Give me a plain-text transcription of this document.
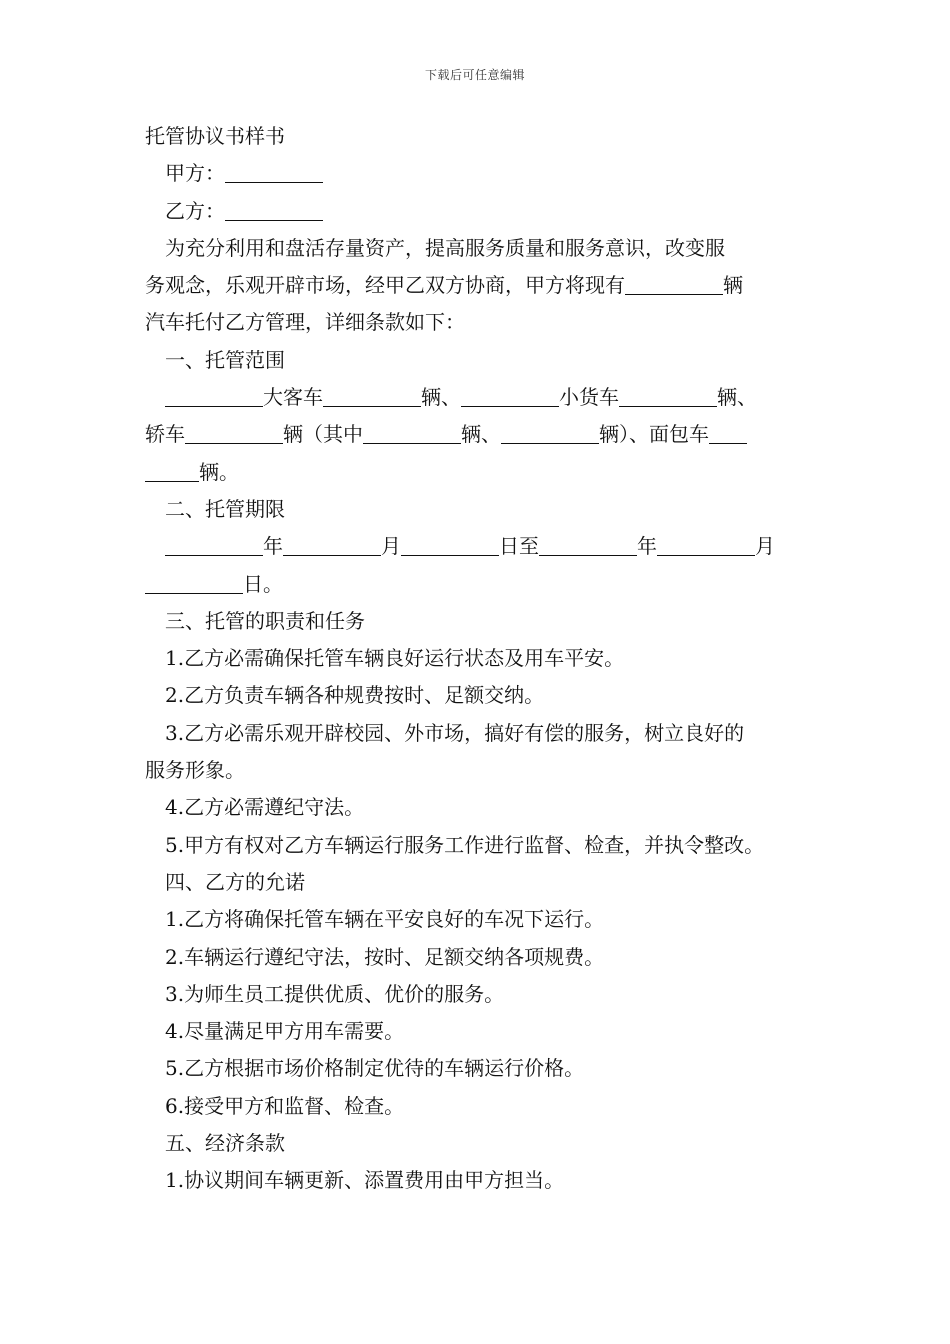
下载后可任意编辑
托管协议书样书
甲方：
乙方：
为充分利用和盘活存量资产，提高服务质量和服务意识，改变服
务观念，乐观开辟市场，经甲乙双方协商，甲方将现有	辆
汽车托付乙方管理，详细条款如下：
一、托管范围
大客车	辆、	小货车	辆、
轿车	辆（其中	辆、	辆）、面包车
辆。
二、托管期限
年	月	日至	年	月
日。
三、托管的职责和任务
1.乙方必需确保托管车辆良好运行状态及用车平安。
2.乙方负责车辆各种规费按时、足额交纳。
3.乙方必需乐观开辟校园、外市场，搞好有偿的服务，树立良好的
服务形象。
4.乙方必需遵纪守法。
5.甲方有权对乙方车辆运行服务工作进行监督、检查，并执令整改。
四、乙方的允诺
1.乙方将确保托管车辆在平安良好的车况下运行。
2.车辆运行遵纪守法，按时、足额交纳各项规费。
3.为师生员工提供优质、优价的服务。
4.尽量满足甲方用车需要。
5.乙方根据市场价格制定优待的车辆运行价格。
6.接受甲方和监督、检查。
五、经济条款
1.协议期间车辆更新、添置费用由甲方担当。
